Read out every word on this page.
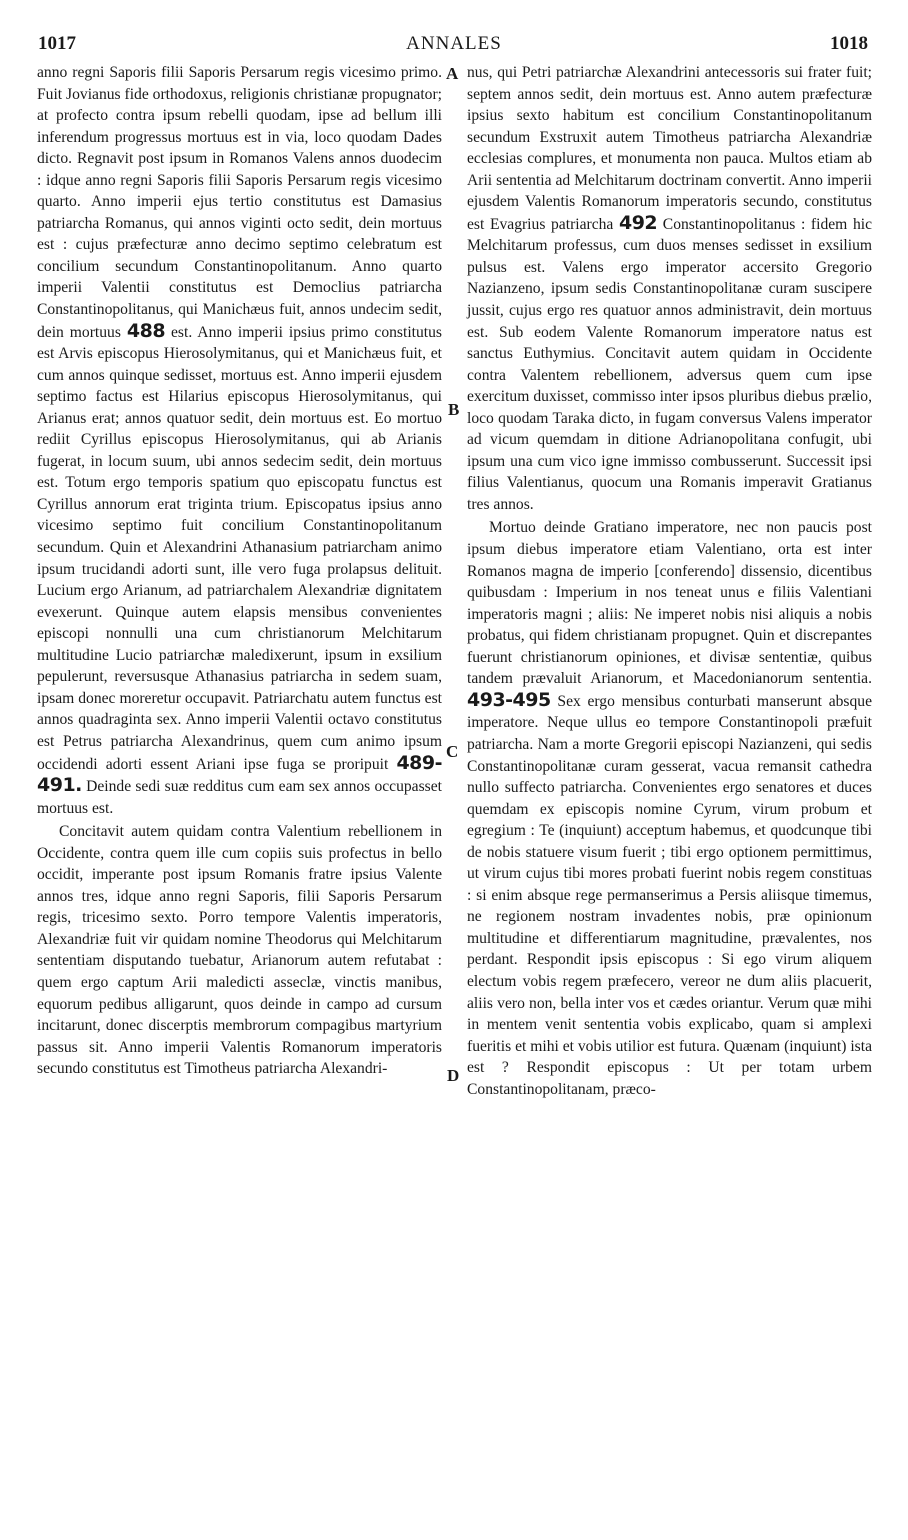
1017	ANNALES	1018

anno regni Saporis filii Saporis Persarum regis vicesimo primo. Fuit Jovianus fide orthodoxus, religionis christianæ propugnator; at profecto contra ipsum rebelli quodam, ipse ad bellum illi inferendum progressus mortuus est in via, loco quodam Dades dicto. Regnavit post ipsum in Romanos Valens annos duodecim : idque anno regni Saporis filii Saporis Persarum regis vicesimo quarto. Anno imperii ejus tertio constitutus est Damasius patriarcha Romanus, qui annos viginti octo sedit, dein mortuus est : cujus præfecturæ anno decimo septimo celebratum est concilium secundum Constantinopolitanum. Anno quarto imperii Valentii constitutus est Democlius patriarcha Constantinopolitanus, qui Manichæus fuit, annos undecim sedit, dein mortuus 488 est. Anno imperii ipsius primo constitutus est Arvis episcopus Hierosolymitanus, qui et Manichæus fuit, et cum annos quinque sedisset, mortuus est. Anno imperii ejusdem septimo factus est Hilarius episcopus Hierosolymitanus, qui Arianus erat; annos quatuor sedit, dein mortuus est. Eo mortuo rediit Cyrillus episcopus Hierosolymitanus, qui ab Arianis fugerat, in locum suum, ubi annos sedecim sedit, dein mortuus est. Totum ergo temporis spatium quo episcopatu functus est Cyrillus annorum erat triginta trium. Episcopatus ipsius anno vicesimo septimo fuit concilium Constantinopolitanum secundum. Quin et Alexandrini Athanasium patriarcham animo ipsum trucidandi adorti sunt, ille vero fuga prolapsus delituit. Lucium ergo Arianum, ad patriarchalem Alexandriæ dignitatem evexerunt. Quinque autem elapsis mensibus convenientes episcopi nonnulli una cum christianorum Melchitarum multitudine Lucio patriarchæ maledixerunt, ipsum in exsilium pepulerunt, reversusque Athanasius patriarcha in sedem suam, ipsam donec moreretur occupavit. Patriarchatu autem functus est annos quadraginta sex. Anno imperii Valentii octavo constitutus est Petrus patriarcha Alexandrinus, quem cum animo ipsum occidendi adorti essent Ariani ipse fuga se proripuit 489-491. Deinde sedi suæ redditus cum eam sex annos occupasset mortuus est.

Concitavit autem quidam contra Valentium rebellionem in Occidente, contra quem ille cum copiis suis profectus in bello occidit, imperante post ipsum Romanis fratre ipsius Valente annos tres, idque anno regni Saporis, filii Saporis Persarum regis, tricesimo sexto. Porro tempore Valentis imperatoris, Alexandriæ fuit vir quidam nomine Theodorus qui Melchitarum sententiam disputando tuebatur, Arianorum autem refutabat : quem ergo captum Arii maledicti asseclæ, vinctis manibus, equorum pedibus alligarunt, quos deinde in campo ad cursum incitarunt, donec discerptis membrorum compagibus martyrium passus sit. Anno imperii Valentis Romanorum imperatoris secundo constitutus est Timotheus patriarcha Alexandri-

nus, qui Petri patriarchæ Alexandrini antecessoris sui frater fuit; septem annos sedit, dein mortuus est. Anno autem præfecturæ ipsius sexto habitum est concilium Constantinopolitanum secundum Exstruxit autem Timotheus patriarcha Alexandriæ ecclesias complures, et monumenta non pauca. Multos etiam ab Arii sententia ad Melchitarum doctrinam convertit. Anno imperii ejusdem Valentis Romanorum imperatoris secundo, constitutus est Evagrius patriarcha 492 Constantinopolitanus : fidem hic Melchitarum professus, cum duos menses sedisset in exsilium pulsus est. Valens ergo imperator accersito Gregorio Nazianzeno, ipsum sedis Constantinopolitanæ curam suscipere jussit, cujus ergo res quatuor annos administravit, dein mortuus est. Sub eodem Valente Romanorum imperatore natus est sanctus Euthymius. Concitavit autem quidam in Occidente contra Valentem rebellionem, adversus quem cum ipse exercitum duxisset, commisso inter ipsos pluribus diebus prælio, loco quodam Taraka dicto, in fugam conversus Valens imperator ad vicum quemdam in ditione Adrianopolitana confugit, ubi ipsum una cum vico igne immisso combusserunt. Successit ipsi filius Valentianus, quocum una Romanis imperavit Gratianus tres annos.

Mortuo deinde Gratiano imperatore, nec non paucis post ipsum diebus imperatore etiam Valentiano, orta est inter Romanos magna de imperio [conferendo] dissensio, dicentibus quibusdam : Imperium in nos teneat unus e filiis Valentiani imperatoris magni ; aliis: Ne imperet nobis nisi aliquis a nobis probatus, qui fidem christianam propugnet. Quin et discrepantes fuerunt christianorum opiniones, et divisæ sententiæ, quibus tandem prævaluit Arianorum, et Macedonianorum sententia. 493-495 Sex ergo mensibus conturbati manserunt absque imperatore. Neque ullus eo tempore Constantinopoli præfuit patriarcha. Nam a morte Gregorii episcopi Nazianzeni, qui sedis Constantinopolitanæ curam gesserat, vacua remansit cathedra nullo suffecto patriarcha. Convenientes ergo senatores et duces quemdam ex episcopis nomine Cyrum, virum probum et egregium : Te (inquiunt) acceptum habemus, et quodcunque tibi de nobis statuere visum fuerit ; tibi ergo optionem permittimus, ut virum cujus tibi mores probati fuerint nobis regem constituas : si enim absque rege permanserimus a Persis aliisque timemus, ne regionem nostram invadentes nobis, præ opinionum multitudine et differentiarum magnitudine, prævalentes, nos perdant. Respondit ipsis episcopus : Si ego virum aliquem electum vobis regem præfecero, vereor ne dum aliis placuerit, aliis vero non, bella inter vos et cædes oriantur. Verum quæ mihi in mentem venit sententia vobis explicabo, quam si amplexi fueritis et mihi et vobis utilior est futura. Quænam (inquiunt) ista est ? Respondit episcopus : Ut per totam urbem Constantinopolitanam, præco-

A
B
C
D
